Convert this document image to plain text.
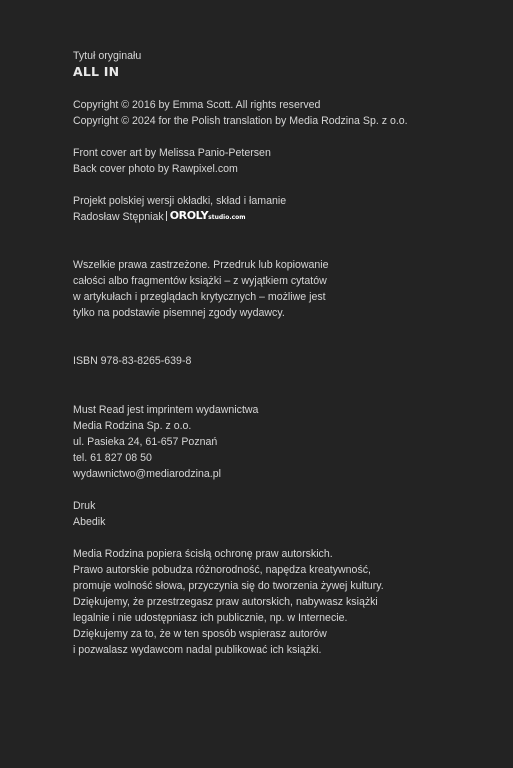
Tytuł oryginału
ALL IN
Copyright © 2016 by Emma Scott. All rights reserved
Copyright © 2024 for the Polish translation by Media Rodzina Sp. z o.o.
Front cover art by Melissa Panio-Petersen
Back cover photo by Rawpixel.com
Projekt polskiej wersji okładki, skład i łamanie
Radosław Stępniak OROLYstudio.com
Wszelkie prawa zastrzeżone. Przedruk lub kopiowanie
całości albo fragmentów książki – z wyjątkiem cytatów
w artykułach i przeglądach krytycznych – możliwe jest
tylko na podstawie pisemnej zgody wydawcy.
ISBN 978-83-8265-639-8
Must Read jest imprintem wydawnictwa
Media Rodzina Sp. z o.o.
ul. Pasieka 24, 61-657 Poznań
tel. 61 827 08 50
wydawnictwo@mediarodzina.pl
Druk
Abedik
Media Rodzina popiera ścisłą ochronę praw autorskich.
Prawo autorskie pobudza różnorodność, napędza kreatywność,
promuje wolność słowa, przyczynia się do tworzenia żywej kultury.
Dziękujemy, że przestrzegasz praw autorskich, nabywasz książki
legalnie i nie udostępniasz ich publicznie, np. w Internecie.
Dziękujemy za to, że w ten sposób wspierasz autorów
i pozwalasz wydawcom nadal publikować ich książki.
